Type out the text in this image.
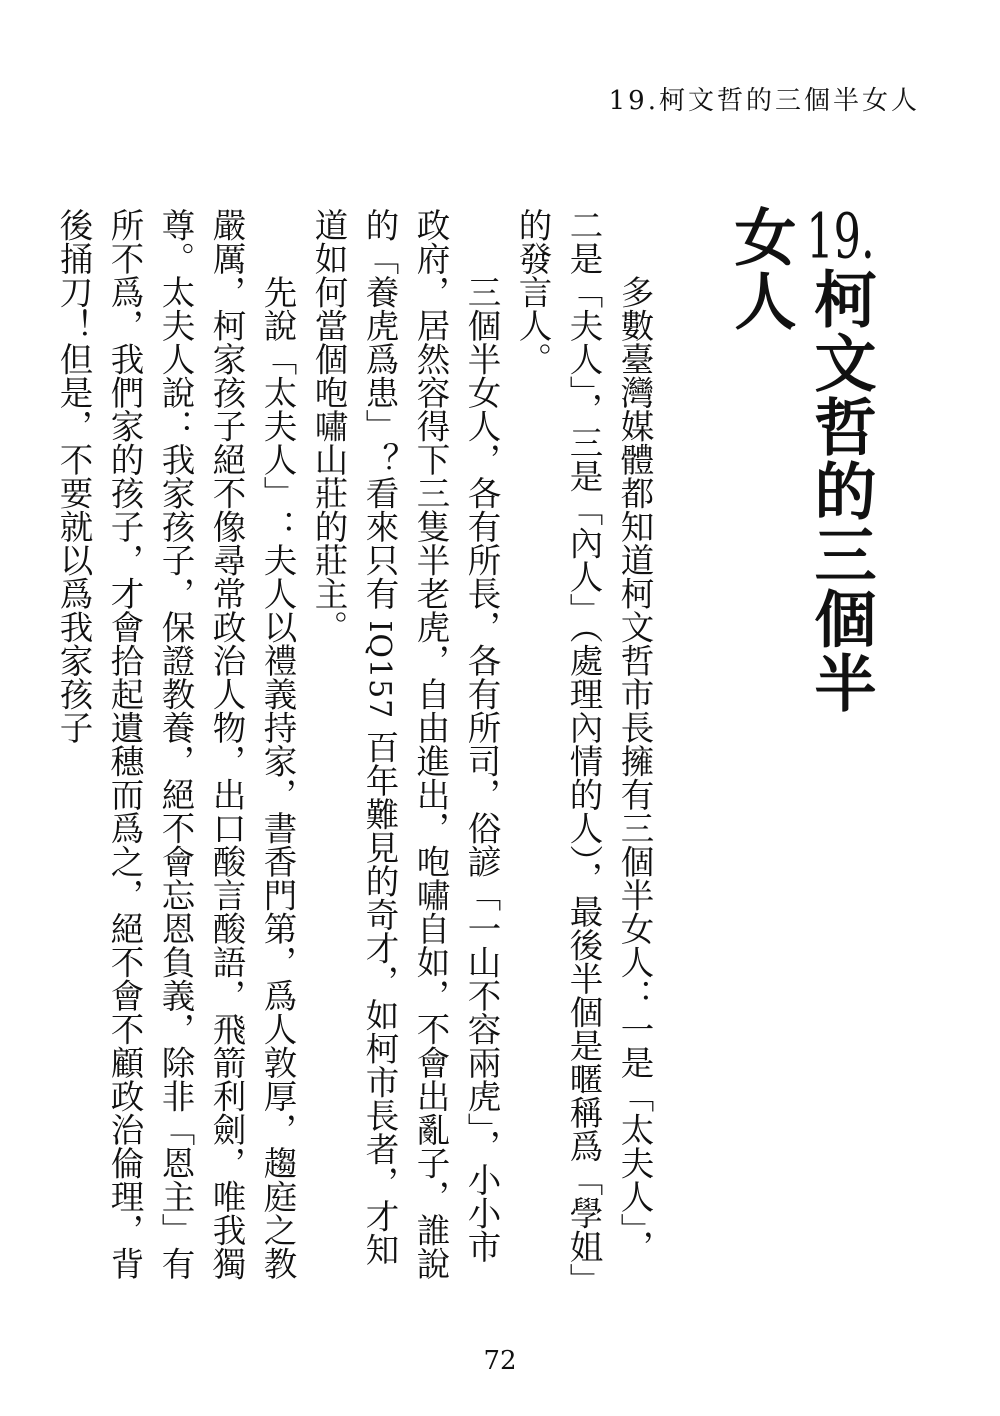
19.柯文哲的三個半女人
19.柯文哲的三個半女人

多數臺灣媒體都知道柯文哲市長擁有三個半女人：一是「太夫人」，二是「夫人」，三是「內人」（處理內情的人），最後半個是暱稱爲「學姐」的發言人。

三個半女人，各有所長，各有所司，俗諺「一山不容兩虎」，小小市政府，居然容得下三隻半老虎，自由進出，咆嘯自如，不會出亂子，誰說的「養虎爲患」？看來只有 IQ157 百年難見的奇才，如柯市長者，才知道如何當個咆嘯山莊的莊主。

先說「太夫人」：夫人以禮義持家，書香門第，爲人敦厚，趨庭之教嚴厲，柯家孩子絕不像尋常政治人物，出口酸言酸語，飛箭利劍，唯我獨尊。太夫人說：我家孩子，保證教養，絕不會忘恩負義，除非「恩主」有所不爲，我們家的孩子，才會拾起遺穗而爲之，絕不會不顧政治倫理，背後捅刀！但是，不要就以爲我家孩子

72
